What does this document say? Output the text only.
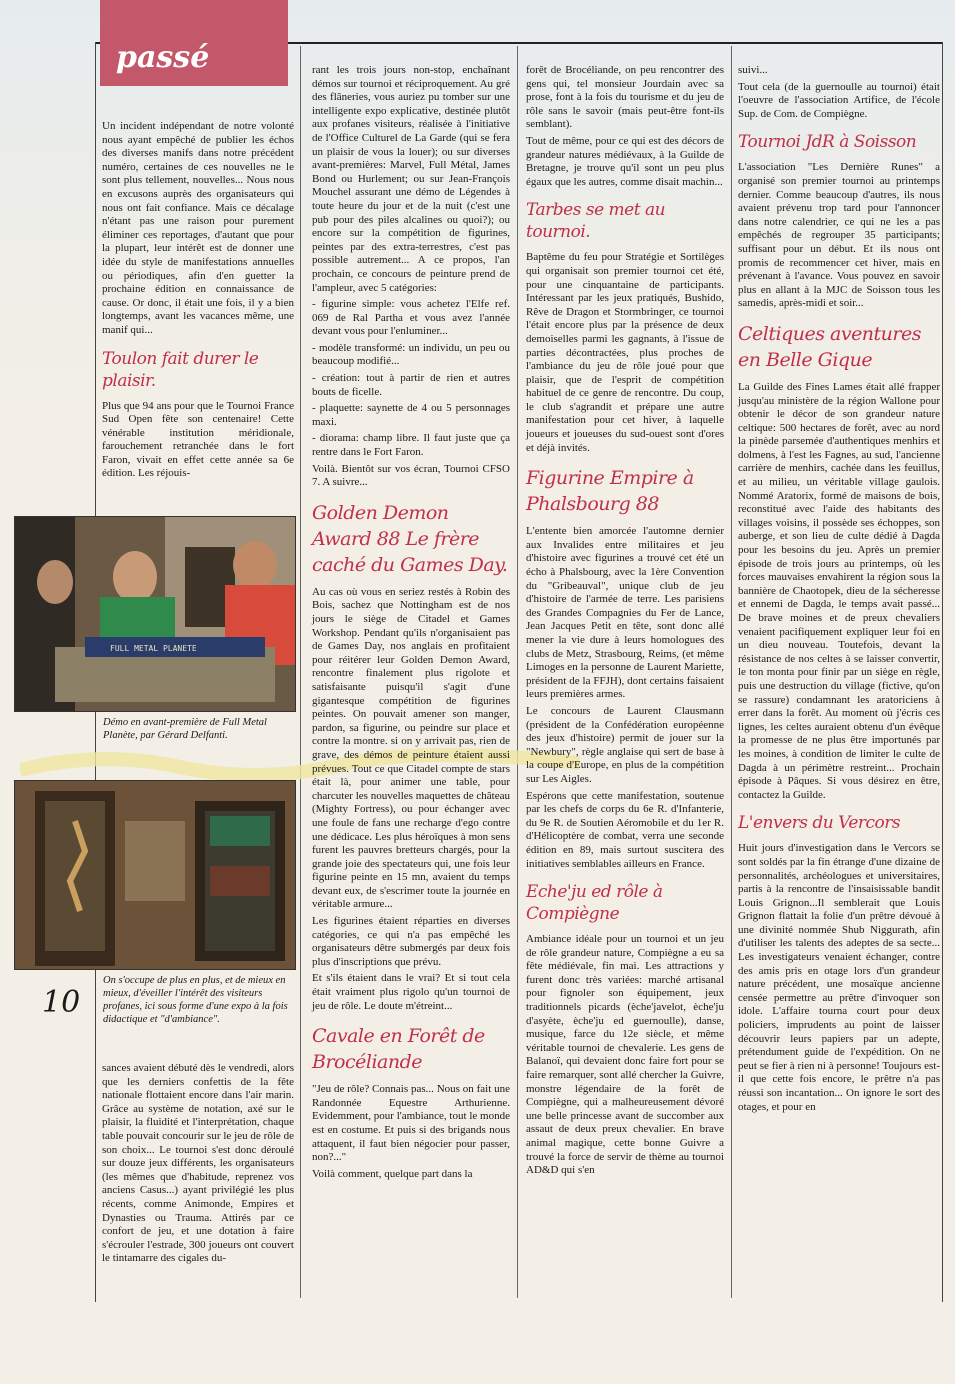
passé

Un incident indépendant de notre volonté nous ayant empêché de publier les échos des diverses manifs dans notre précédent numéro, certaines de ces nouvelles ne le sont plus tellement, nouvelles... Nous nous en excusons auprès des organisateurs qui nous ont fait confiance. Mais ce décalage n'étant pas une raison pour purement éliminer ces reportages, d'autant que pour la plupart, leur intérêt est de donner une idée du style de manifestations annuelles ou périodiques, afin d'en guetter la prochaine édition en connaissance de cause. Or donc, il était une fois, il y a bien longtemps, avant les vacances même, une manif qui...

Toulon fait durer le plaisir.

Plus que 94 ans pour que le Tournoi France Sud Open fête son centenaire! Cette vénérable institution méridionale, farouchement retranchée dans le fort Faron, vivait en effet cette année sa 6e édition. Les réjouis-

FULL METAL PLANETE
Démo en avant-première de Full Metal Planète, par Gérard Delfanti.
10
On s'occupe de plus en plus, et de mieux en mieux, d'éveiller l'intérêt des visiteurs profanes, ici sous forme d'une expo à la fois didactique et "d'ambiance".

sances avaient débuté dès le vendredi, alors que les derniers confettis de la fête nationale flottaient encore dans l'air marin. Grâce au système de notation, axé sur le plaisir, la fluidité et l'interprétation, chaque table pouvait concourir sur le jeu de rôle de son choix... Le tournoi s'est donc déroulé sur douze jeux différents, les organisateurs (les mêmes que d'habitude, reprenez vos anciens Casus...) ayant privilégié les plus récents, comme Animonde, Empires et Dynasties ou Trauma. Attirés par ce confort de jeu, et une dotation à faire s'écrouler l'estrade, 300 joueurs ont couvert le tintamarre des cigales du-

rant les trois jours non-stop, enchaînant démos sur tournoi et réciproquement. Au gré des flâneries, vous auriez pu tomber sur une intelligente expo explicative, destinée plutôt aux profanes visiteurs, réalisée à l'initiative de l'Office Culturel de La Garde (qui se fera un plaisir de vous la louer); ou sur diverses avant-premières: Marvel, Full Métal, James Bond ou Hurlement; ou sur Jean-François Mouchel assurant une démo de Légendes à toute heure du jour et de la nuit (c'est une pub pour des piles alcalines ou quoi?); ou encore sur la compétition de figurines, peintes par des extra-terrestres, c'est pas possible autrement... A ce propos, l'an prochain, ce concours de peinture prend de l'ampleur, avec 5 catégories:

- figurine simple: vous achetez l'Elfe ref. 069 de Ral Partha et vous avez l'année devant vous pour l'enluminer...

- modèle transformé: un individu, un peu ou beaucoup modifié...

- création: tout à partir de rien et autres bouts de ficelle.

- plaquette: saynette de 4 ou 5 personnages maxi.

- diorama: champ libre. Il faut juste que ça rentre dans le Fort Faron.

Voilà. Bientôt sur vos écran, Tournoi CFSO 7. A suivre...

Golden Demon Award 88 Le frère caché du Games Day.

Au cas où vous en seriez restés à Robin des Bois, sachez que Nottingham est de nos jours le siège de Citadel et Games Workshop. Pendant qu'ils n'organisaient pas de Games Day, nos anglais en profitaient pour réitérer leur Golden Demon Award, rencontre finalement plus rigolote et satisfaisante puisqu'il s'agit d'une gigantesque compétition de figurines peintes. On pouvait amener son manger, pardon, sa figurine, ou peindre sur place et contre la montre. si on y arrivait pas, rien de grave, des démos de peinture étaient aussi prévues. Tout ce que Citadel compte de stars était là, pour animer une table, pour charcuter les nouvelles maquettes de château (Mighty Fortress), ou pour échanger avec une foule de fans une recharge d'ego contre une dédicace. Les plus héroïques à mon sens furent les pauvres bretteurs chargés, pour la grande joie des spectateurs qui, une fois leur figurine peinte en 15 mn, avaient du temps devant eux, de s'escrimer toute la journée en véritable armure...

Les figurines étaient réparties en diverses catégories, ce qui n'a pas empêché les organisateurs dêtre submergés par deux fois plus d'inscriptions que prévu.

Et s'ils étaient dans le vrai? Et si tout cela était vraiment plus rigolo qu'un tournoi de jeu de rôle. Le doute m'étreint...

Cavale en Forêt de Brocéliande

"Jeu de rôle? Connais pas... Nous on fait une Randonnée Equestre Arthurienne. Evidemment, pour l'ambiance, tout le monde est en costume. Et puis si des brigands nous attaquent, il faut bien négocier pour passer, non?..."

Voilà comment, quelque part dans la

forêt de Brocéliande, on peu rencontrer des gens qui, tel monsieur Jourdain avec sa prose, font à la fois du tourisme et du jeu de rôle sans le savoir (mais peut-être font-ils semblant).

Tout de même, pour ce qui est des décors de grandeur natures médiévaux, à la Guilde de Bretagne, je trouve qu'il sont un peu plus égaux que les autres, comme disait machin...

Tarbes se met au tournoi.

Baptême du feu pour Stratégie et Sortilèges qui organisait son premier tournoi cet été, pour une cinquantaine de participants. Intéressant par les jeux pratiqués, Bushido, Rêve de Dragon et Stormbringer, ce tournoi l'était encore plus par la présence de deux demoiselles parmi les gagnants, à l'issue de parties décontractées, plus proches de l'ambiance du jeu de rôle joué pour que plaisir, que de l'esprit de compétition habituel de ce genre de rencontre. Du coup, le club s'agrandit et prépare une autre manifestation pour cet hiver, à laquelle joueurs et joueuses du sud-ouest sont d'ores et déjà invités.

Figurine Empire à Phalsbourg 88

L'entente bien amorcée l'automne dernier aux Invalides entre militaires et jeu d'histoire avec figurines a trouvé cet été un écho à Phalsbourg, avec la 1ère Convention du "Gribeauval", unique club de jeu d'histoire de l'armée de terre. Les parisiens des Grandes Compagnies du Fer de Lance, Jean Jacques Petit en tête, sont donc allé mener la vie dure à leurs homologues des clubs de Metz, Strasbourg, Reims, (et même Limoges en la personne de Laurent Mariette, président de la FFJH), dont certains faisaient leurs premières armes.

Le concours de Laurent Clausmann (président de la Confédération européenne des jeux d'histoire) permit de jouer sur la "Newbury", règle anglaise qui sert de base à la coupe d'Europe, en plus de la compétition sur Les Aigles.

Espérons que cette manifestation, soutenue par les chefs de corps du 6e R. d'Infanterie, du 9e R. de Soutien Aéromobile et du 1er R. d'Hélicoptère de combat, verra une seconde édition en 89, mais surtout suscitera des initiatives semblables ailleurs en France.

Eche'ju ed rôle à Compiègne

Ambiance idéale pour un tournoi et un jeu de rôle grandeur nature, Compiègne a eu sa fête médiévale, fin mai. Les attractions y furent donc très variées: marché artisanal pour fignoler son équipement, jeux traditionnels picards (èche'javelot, èche'ju d'asyète, èche'ju ed guernoulle), danse, musique, farce du 12e siècle, et même véritable tournoi de chevalerie. Les gens de Balanoï, qui devaient donc faire fort pour se faire remarquer, sont allé chercher la Guivre, monstre légendaire de la forêt de Compiègne, qui a malheureusement dévoré une belle princesse avant de succomber aux assaut de deux preux chevalier. En brave animal magique, cette bonne Guivre a trouvé la force de servir de thème au tournoi AD&D qui s'en

suivi...

Tout cela (de la guernoulle au tournoi) était l'oeuvre de l'association Artifice, de l'école Sup. de Com. de Compiègne.

Tournoi JdR à Soisson

L'association "Les Dernière Runes" a organisé son premier tournoi au printemps dernier. Comme beaucoup d'autres, ils nous avaient prévenu trop tard pour l'annoncer dans notre calendrier, ce qui ne les a pas empêchés de regrouper 35 participants; suffisant pour un début. Et ils nous ont promis de recommencer cet hiver, mais en prévenant à l'avance. Vous pouvez en savoir plus en allant à la MJC de Soisson tous les samedis, après-midi et soir...

Celtiques aventures en Belle Gique

La Guilde des Fines Lames était allé frapper jusqu'au ministère de la région Wallone pour obtenir le décor de son grandeur nature celtique: 500 hectares de forêt, avec au nord la pinède parsemée d'authentiques menhirs et dolmens, à l'est les Fagnes, au sud, l'ancienne carrière de menhirs, cachée dans les feuillus, et au milieu, un véritable village gaulois. Nommé Aratorix, formé de maisons de bois, reconstitué avec l'aide des habitants des villages voisins, il possède ses échoppes, son auberge, et son lieu de culte dédié à Dagda pour les besoins du jeu. Après un premier épisode de trois jours au printemps, où les forces mauvaises envahirent la région sous la bannière de Chaotopek, dieu de la sécheresse et ennemi de Dagda, le temps avait passé... De brave moines et de preux chevaliers venaient pacifiquement expliquer leur foi en un dieu nouveau. Toutefois, devant la résistance de nos celtes à se laisser convertir, le ton monta pour finir par un siège en règle, puis une destruction du village (fictive, qu'on se rassure) condamnant les aratoriciens à errer dans la forêt. Au moment où j'écris ces lignes, les celtes auraient obtenu d'un évêque la promesse de ne plus être importunés par les moines, à condition de limiter le culte de Dagda à un périmètre restreint... Prochain épisode à Pâques. Si vous désirez en être, contactez la Guilde.

L'envers du Vercors

Huit jours d'investigation dans le Vercors se sont soldés par la fin étrange d'une dizaine de personnalités, archéologues et universitaires, partis à la rencontre de l'insaisissable bandit Louis Grignon...Il semblerait que Louis Grignon flattait la folie d'un prêtre dévoué à une divinité nommée Shub Niggurath, afin d'utiliser les talents des adeptes de sa secte... Les investigateurs venaient échanger, contre des amis pris en otage lors d'un grandeur nature précédent, une mosaïque ancienne censée permettre au prêtre d'invoquer son idole. L'affaire tourna court pour deux policiers, imprudents au point de laisser découvrir leurs papiers par un adepte, prétendument guide de l'expédition. On ne peut se fier à rien ni à personne! Toujours est-il que cette fois encore, le prêtre n'a pas réussi son incantation... On ignore le sort des otages, et pour en
